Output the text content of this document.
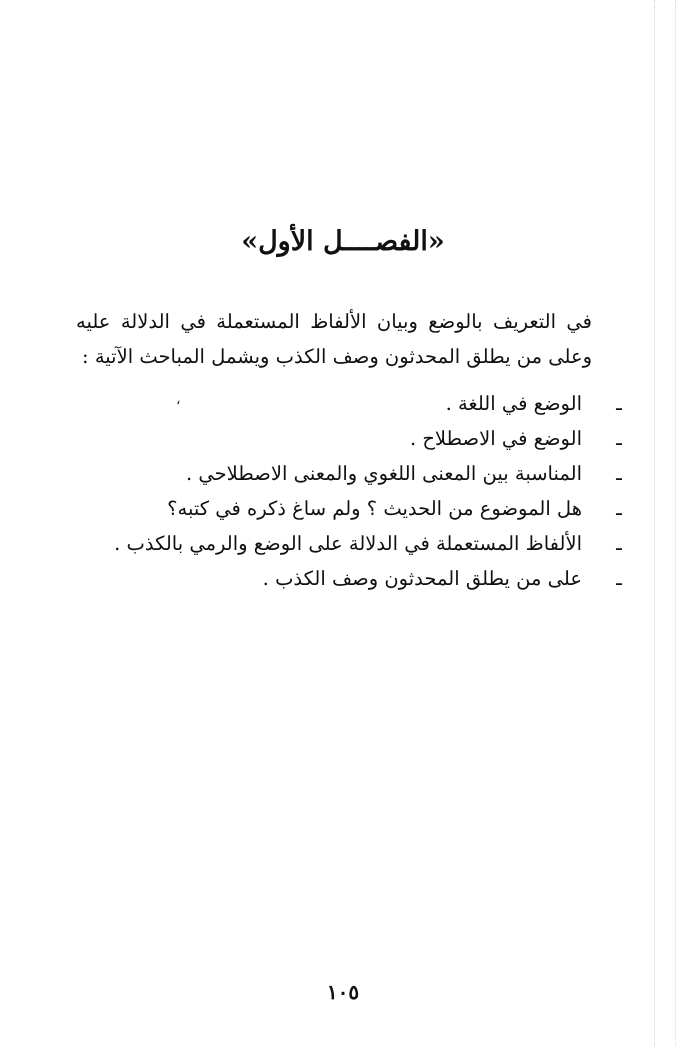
«الفصــــل الأول»
في التعريف بالوضع وبيان الألفاظ المستعملة في الدلالة عليه وعلى من يطلق المحدثون وصف الكذب ويشمل المباحث الآتية :
ـ
الوضع في اللغة .
ـ
الوضع في الاصطلاح .
ـ
المناسبة بين المعنى اللغوي والمعنى الاصطلاحي .
ـ
هل الموضوع من الحديث ؟ ولم ساغ ذكره في كتبه؟
ـ
الألفاظ المستعملة في الدلالة على الوضع والرمي بالكذب .
ـ
على من يطلق المحدثون وصف الكذب .
،
١٠٥
